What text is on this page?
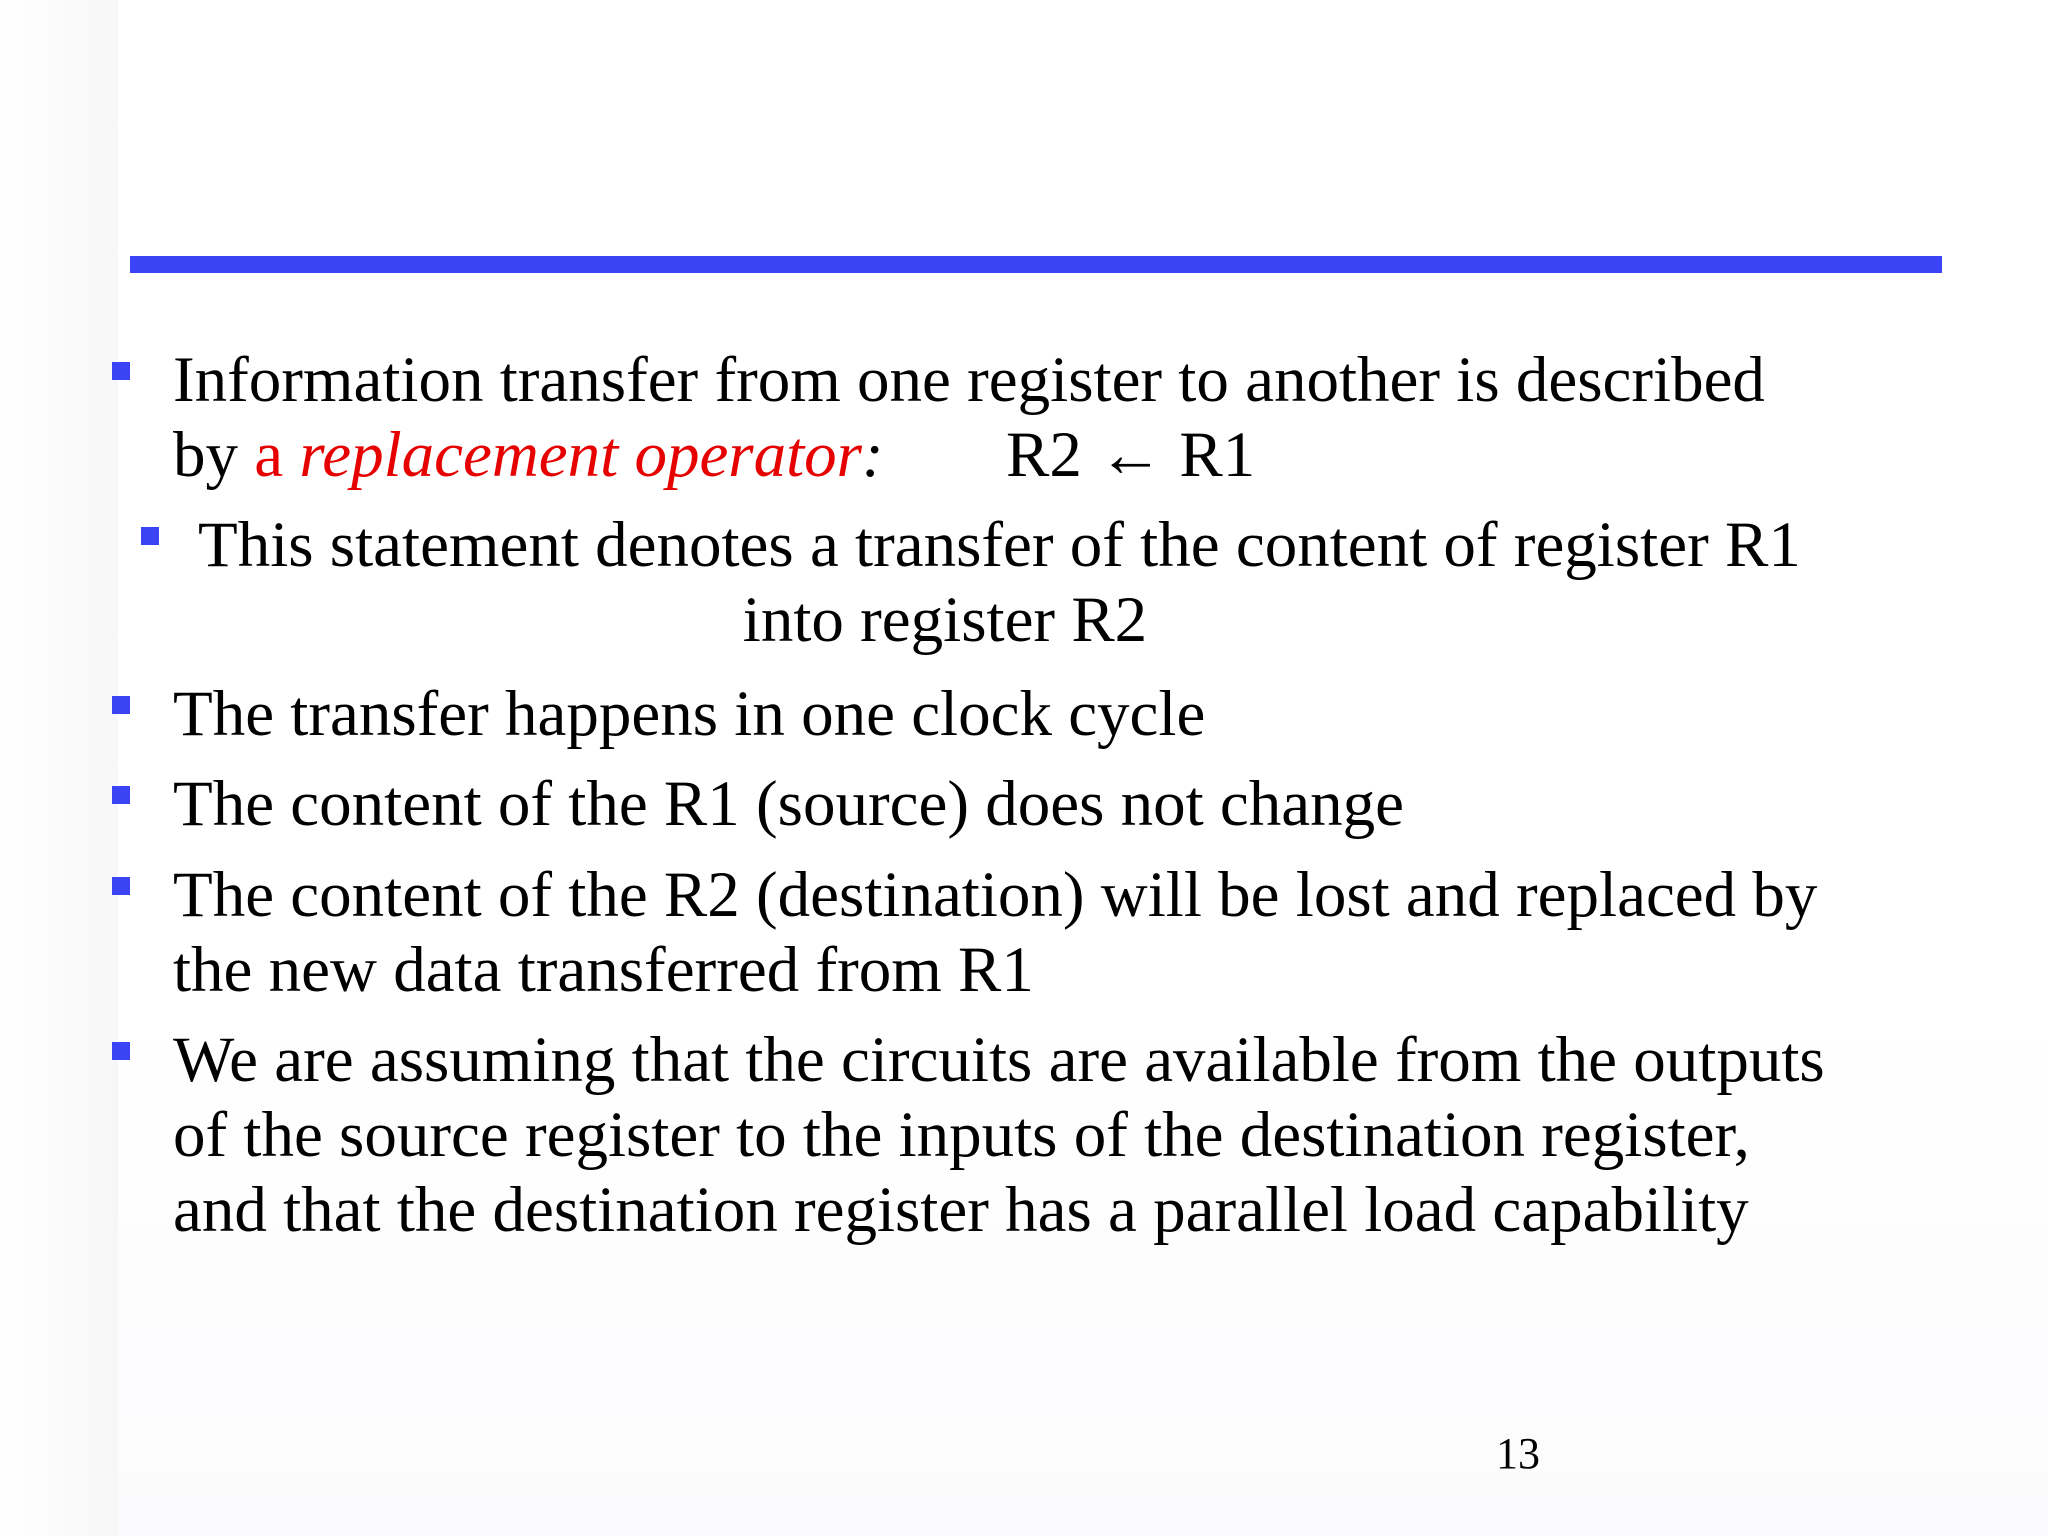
Information transfer from one register to another is described
by a replacement operator: R2 ← R1
This statement denotes a transfer of the content of register R1
into register R2
The transfer happens in one clock cycle
The content of the R1 (source) does not change
The content of the R2 (destination) will be lost and replaced by
the new data transferred from R1
We are assuming that the circuits are available from the outputs
of the source register to the inputs of the destination register,
and that the destination register has a parallel load capability
13
